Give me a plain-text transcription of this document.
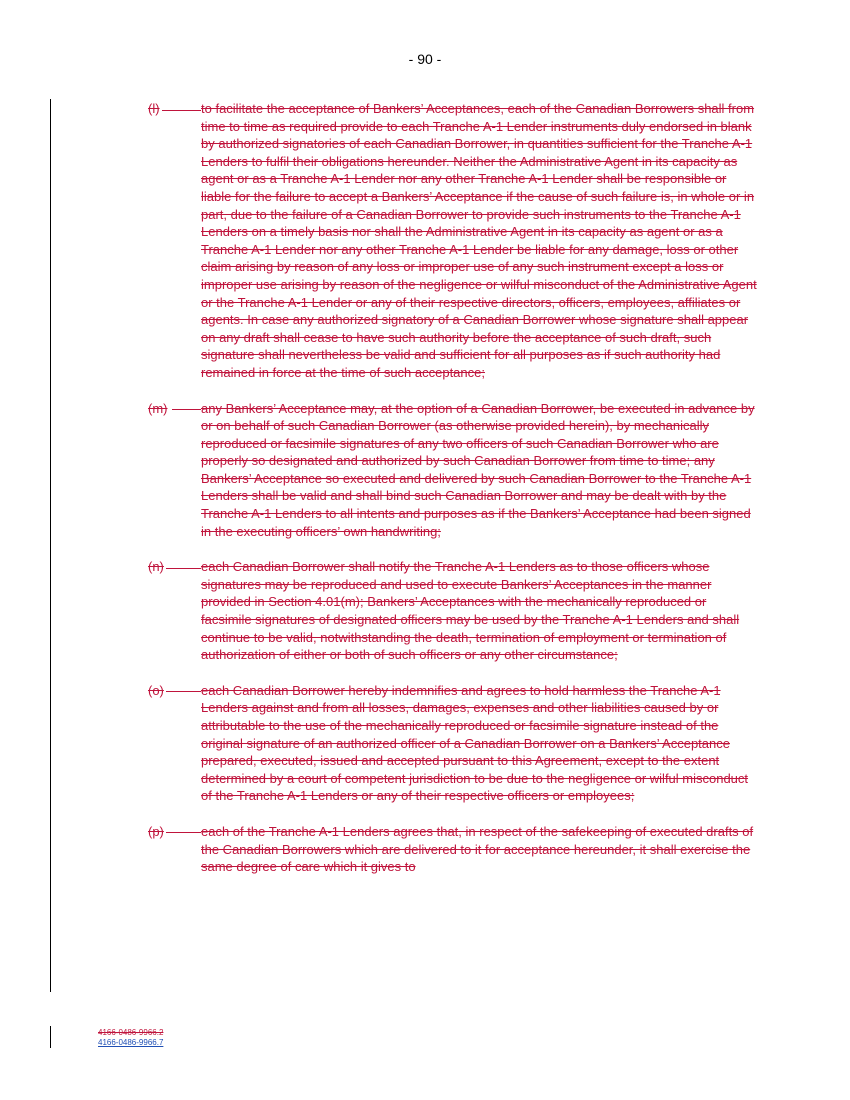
- 90 -
(l)	to facilitate the acceptance of Bankers’ Acceptances, each of the Canadian Borrowers shall from time to time as required provide to each Tranche A-1 Lender instruments duly endorsed in blank by authorized signatories of each Canadian Borrower, in quantities sufficient for the Tranche A-1 Lenders to fulfil their obligations hereunder. Neither the Administrative Agent in its capacity as agent or as a Tranche A-1 Lender nor any other Tranche A-1 Lender shall be responsible or liable for the failure to accept a Bankers’ Acceptance if the cause of such failure is, in whole or in part, due to the failure of a Canadian Borrower to provide such instruments to the Tranche A-1 Lenders on a timely basis nor shall the Administrative Agent in its capacity as agent or as a Tranche A-1 Lender nor any other Tranche A-1 Lender be liable for any damage, loss or other claim arising by reason of any loss or improper use of any such instrument except a loss or improper use arising by reason of the negligence or wilful misconduct of the Administrative Agent or the Tranche A-1 Lender or any of their respective directors, officers, employees, affiliates or agents. In case any authorized signatory of a Canadian Borrower whose signature shall appear on any draft shall cease to have such authority before the acceptance of such draft, such signature shall nevertheless be valid and sufficient for all purposes as if such authority had remained in force at the time of such acceptance;
(m)	any Bankers’ Acceptance may, at the option of a Canadian Borrower, be executed in advance by or on behalf of such Canadian Borrower (as otherwise provided herein), by mechanically reproduced or facsimile signatures of any two officers of such Canadian Borrower who are properly so designated and authorized by such Canadian Borrower from time to time; any Bankers’ Acceptance so executed and delivered by such Canadian Borrower to the Tranche A-1 Lenders shall be valid and shall bind such Canadian Borrower and may be dealt with by the Tranche A-1 Lenders to all intents and purposes as if the Bankers’ Acceptance had been signed in the executing officers’ own handwriting;
(n)	each Canadian Borrower shall notify the Tranche A-1 Lenders as to those officers whose signatures may be reproduced and used to execute Bankers’ Acceptances in the manner provided in Section 4.01(m); Bankers’ Acceptances with the mechanically reproduced or facsimile signatures of designated officers may be used by the Tranche A-1 Lenders and shall continue to be valid, notwithstanding the death, termination of employment or termination of authorization of either or both of such officers or any other circumstance;
(o)	each Canadian Borrower hereby indemnifies and agrees to hold harmless the Tranche A-1 Lenders against and from all losses, damages, expenses and other liabilities caused by or attributable to the use of the mechanically reproduced or facsimile signature instead of the original signature of an authorized officer of a Canadian Borrower on a Bankers’ Acceptance prepared, executed, issued and accepted pursuant to this Agreement, except to the extent determined by a court of competent jurisdiction to be due to the negligence or wilful misconduct of the Tranche A-1 Lenders or any of their respective officers or employees;
(p)	each of the Tranche A-1 Lenders agrees that, in respect of the safekeeping of executed drafts of the Canadian Borrowers which are delivered to it for acceptance hereunder, it shall exercise the same degree of care which it gives to
4166-0486-9966.2
4166-0486-9966.7
